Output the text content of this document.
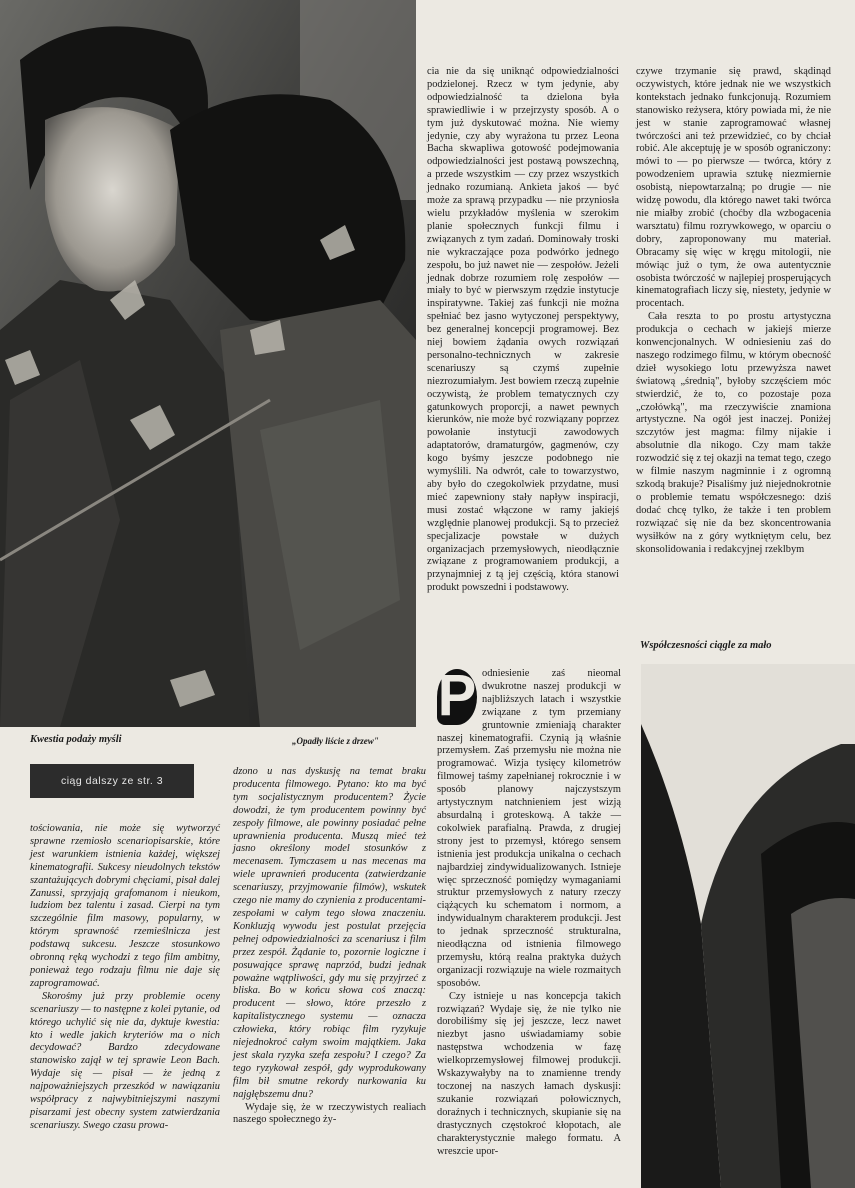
Kwestia podaży myśli	„Opadły liście z drzew"
Współczesności ciągle za mało
ciąg dalszy ze str. 3

cia nie da się uniknąć odpowiedzialności podzielonej. Rzecz w tym jedynie, aby odpowiedzialność ta dzielona była sprawiedliwie i w przejrzysty sposób. A o tym już dyskutować można. Nie wiemy jedynie, czy aby wyrażona tu przez Leona Bacha skwapliwa gotowość podejmowania odpowiedzialności jest postawą powszechną, a przede wszystkim — czy przez wszystkich jednako rozumianą. Ankieta jakoś — być może za sprawą przypadku — nie przyniosła wielu przykładów myślenia w szerokim planie społecznych funkcji filmu i związanych z tym zadań. Dominowały troski nie wykraczające poza podwórko jednego zespołu, bo już nawet nie — zespołów. Jeżeli jednak dobrze rozumiem rolę zespołów — miały to być w pierwszym rzędzie instytucje inspiratywne. Takiej zaś funkcji nie można spełniać bez jasno wytyczonej perspektywy, bez generalnej koncepcji programowej. Bez niej bowiem żądania owych rozwiązań personalno-technicznych w zakresie scenariuszy są czymś zupełnie niezrozumiałym. Jest bowiem rzeczą zupełnie oczywistą, że problem tematycznych czy gatunkowych proporcji, a nawet pewnych kierunków, nie może być rozwiązany poprzez powołanie instytucji zawodowych adaptatorów, dramaturgów, gagmenów, czy kogo byśmy jeszcze podobnego nie wymyślili. Na odwrót, całe to towarzystwo, aby było do czegokolwiek przydatne, musi mieć zapewniony stały napływ inspiracji, musi zostać włączone w ramy jakiejś względnie planowej produkcji. Są to przecież specjalizacje powstałe w dużych organizacjach przemysłowych, nieodłącznie związane z programowaniem produkcji, a przynajmniej z tą jej częścią, która stanowi produkt powszedni i podstawowy.

czywe trzymanie się prawd, skądinąd oczywistych, które jednak nie we wszystkich kontekstach jednako funkcjonują. Rozumiem stanowisko reżysera, który powiada mi, że nie jest w stanie zaprogramować własnej twórczości ani też przewidzieć, co by chciał robić. Ale akceptuję je w sposób ograniczony: mówi to — po pierwsze — twórca, który z powodzeniem uprawia sztukę niezmiernie osobistą, niepowtarzalną; po drugie — nie widzę powodu, dla którego nawet taki twórca nie miałby zrobić (choćby dla wzbogacenia warsztatu) filmu rozrywkowego, w oparciu o dobry, zaproponowany mu materiał. Obracamy się więc w kręgu mitologii, nie mówiąc już o tym, że owa autentycznie osobista twórczość w najlepiej prosperujących kinematografiach liczy się, niestety, jedynie w procentach.

Cała reszta to po prostu artystyczna produkcja o cechach w jakiejś mierze konwencjonalnych. W odniesieniu zaś do naszego rodzimego filmu, w którym obecność dzieł wysokiego lotu przewyższa nawet światową „średnią", byłoby szczęściem móc stwierdzić, że to, co pozostaje poza „czołówką", ma rzeczywiście znamiona artystyczne. Na ogół jest inaczej. Poniżej szczytów jest magma: filmy nijakie i absolutnie dla nikogo. Czy mam także rozwodzić się z tej okazji na temat tego, czego w filmie naszym nagminnie i z ogromną szkodą brakuje? Pisaliśmy już niejednokrotnie o problemie tematu współczesnego: dziś dodać chcę tylko, że także i ten problem rozwiązać się nie da bez skoncentrowania wysiłków na z góry wytkniętym celu, bez skonsolidowania i redakcyjnej rzeklbym

tościowania, nie może się wytworzyć sprawne rzemiosło scenariopisarskie, które jest warunkiem istnienia każdej, większej kinematografii. Sukcesy nieudolnych tekstów szantażujących dobrymi chęciami, pisał dalej Zanussi, sprzyjają grafomanom i nieukom, ludziom bez talentu i zasad. Cierpi na tym szczególnie film masowy, popularny, w którym sprawność rzemieślnicza jest podstawą sukcesu. Jeszcze stosunkowo obronną ręką wychodzi z tego film ambitny, ponieważ tego rodzaju filmu nie daje się zaprogramować.

Skorośmy już przy problemie oceny scenariuszy — to następne z kolei pytanie, od którego uchylić się nie da, dyktuje kwestia: kto i wedle jakich kryteriów ma o nich decydować? Bardzo zdecydowane stanowisko zajął w tej sprawie Leon Bach. Wydaje się — pisał — że jedną z najpoważniejszych przeszkód w nawiązaniu współpracy z najwybitniejszymi naszymi pisarzami jest obecny system zatwierdzania scenariuszy. Swego czasu prowa-

dzono u nas dyskusję na temat braku producenta filmowego. Pytano: kto ma być tym socjalistycznym producentem? Życie dowodzi, że tym producentem powinny być zespoły filmowe, ale powinny posiadać pełne uprawnienia producenta. Muszą mieć też jasno określony model stosunków z mecenasem. Tymczasem u nas mecenas ma wiele uprawnień producenta (zatwierdzanie scenariuszy, przyjmowanie filmów), wskutek czego nie mamy do czynienia z producentami-zespołami w całym tego słowa znaczeniu. Konkluzją wywodu jest postulat przejęcia pełnej odpowiedzialności za scenariusz i film przez zespół. Żądanie to, pozornie logiczne i posuwające sprawę naprzód, budzi jednak poważne wątpliwości, gdy mu się przyjrzeć z bliska. Bo w końcu słowa coś znaczą: producent — słowo, które przeszło z kapitalistycznego systemu — oznacza człowieka, który robiąc film ryzykuje niejednokroć całym swoim majątkiem. Jaka jest skala ryzyka szefa zespołu? I czego? Za tego ryzykował zespół, gdy wyprodukowany film bił smutne rekordy nurkowania ku najgłębszemu dnu?

Wydaje się, że w rzeczywistych realiach naszego społecznego ży-

P odniesienie zaś nieomal dwukrotne naszej produkcji w najbliższych latach i wszystkie związane z tym przemiany gruntownie zmieniają charakter naszej kinematografii. Czynią ją właśnie przemysłem. Zaś przemysłu nie można nie programować. Wizja tysięcy kilometrów filmowej taśmy zapełnianej rokrocznie i w sposób planowy najczystszym artystycznym natchnieniem jest wizją absurdalną i groteskową. A także — cokolwiek parafialną. Prawda, z drugiej strony jest to przemysł, którego sensem istnienia jest produkcja unikalna o cechach najbardziej zindywidualizowanych. Istnieje więc sprzeczność pomiędzy wymaganiami struktur przemysłowych z natury rzeczy ciążących ku schematom i normom, a indywidualnym charakterem produkcji. Jest to jednak sprzeczność strukturalna, nieodłączna od istnienia filmowego przemysłu, którą realna praktyka dużych organizacji rozwiązuje na wiele rozmaitych sposobów.

Czy istnieje u nas koncepcja takich rozwiązań? Wydaje się, że nie tylko nie dorobiliśmy się jej jeszcze, lecz nawet niezbyt jasno uświadamiamy sobie następstwa wchodzenia w fazę wielkoprzemysłowej filmowej produkcji. Wskazywałyby na to znamienne trendy toczonej na naszych łamach dyskusji: szukanie rozwiązań połowicznych, doraźnych i technicznych, skupianie się na drastycznych częstokroć kłopotach, ale charakterystycznie małego formatu. A wreszcie upor-
